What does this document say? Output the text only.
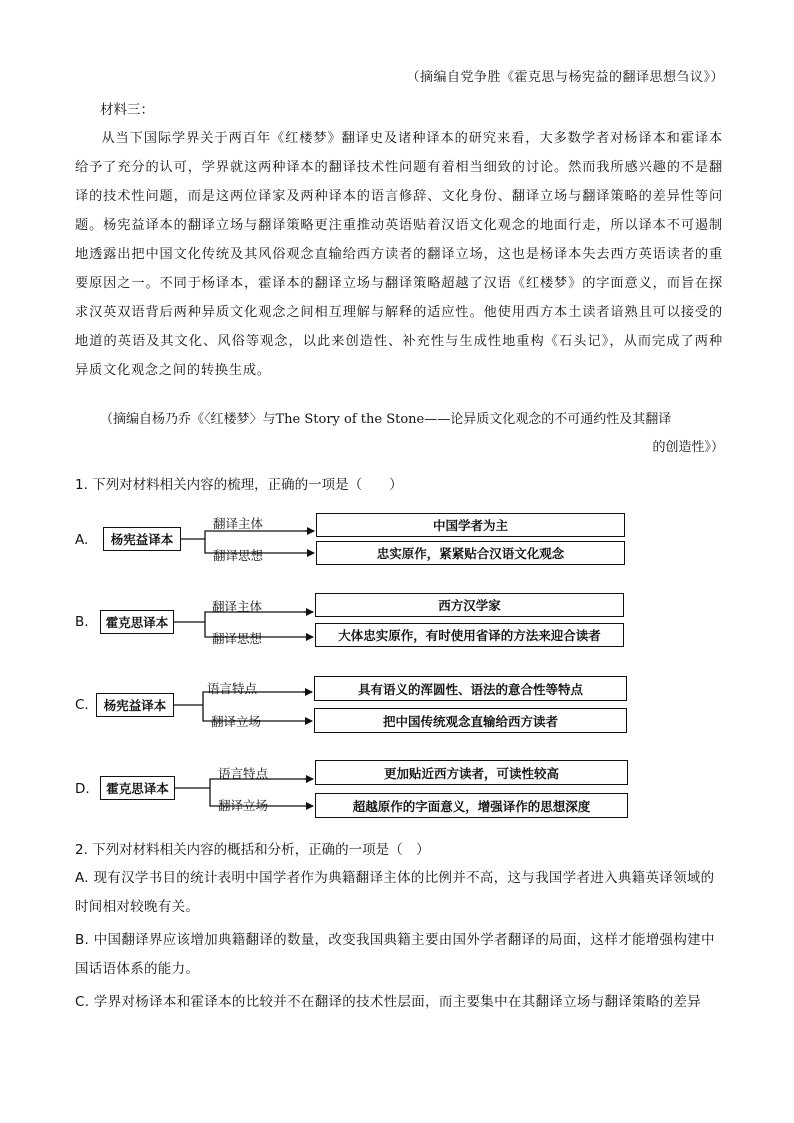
（摘编自党争胜《霍克思与杨宪益的翻译思想刍议》）
材料三：

从当下国际学界关于两百年《红楼梦》翻译史及诸种译本的研究来看，大多数学者对杨译本和霍译本给予了充分的认可，学界就这两种译本的翻译技术性问题有着相当细致的讨论。然而我所感兴趣的不是翻译的技术性问题，而是这两位译家及两种译本的语言修辞、文化身份、翻译立场与翻译策略的差异性等问题。杨宪益译本的翻译立场与翻译策略更注重推动英语贴着汉语文化观念的地面行走，所以译本不可遏制地透露出把中国文化传统及其风俗观念直输给西方读者的翻译立场，这也是杨译本失去西方英语读者的重要原因之一。不同于杨译本，霍译本的翻译立场与翻译策略超越了汉语《红楼梦》的字面意义，而旨在探求汉英双语背后两种异质文化观念之间相互理解与解释的适应性。他使用西方本土读者谙熟且可以接受的地道的英语及其文化、风俗等观念，以此来创造性、补充性与生成性地重构《石头记》，从而完成了两种异质文化观念之间的转换生成。

（摘编自杨乃乔《〈红楼梦〉与The Story of the Stone——论异质文化观念的不可通约性及其翻译
的创造性》）
1. 下列对材料相关内容的梳理，正确的一项是（　　）
A.	杨宪益译本
翻译主体
翻译思想
中国学者为主
忠实原作，紧紧贴合汉语文化观念
B.	霍克思译本
翻译主体
翻译思想
西方汉学家
大体忠实原作，有时使用省译的方法来迎合读者
C.	杨宪益译本
语言特点
翻译立场
具有语义的浑圆性、语法的意合性等特点
把中国传统观念直输给西方读者
D.	霍克思译本
语言特点
翻译立场
更加贴近西方读者，可读性较高
超越原作的字面意义，增强译作的思想深度
2. 下列对材料相关内容的概括和分析，正确的一项是（　）
A. 现有汉学书目的统计表明中国学者作为典籍翻译主体的比例并不高，这与我国学者进入典籍英译领域的时间相对较晚有关。
B. 中国翻译界应该增加典籍翻译的数量，改变我国典籍主要由国外学者翻译的局面，这样才能增强构建中国话语体系的能力。
C. 学界对杨译本和霍译本的比较并不在翻译的技术性层面，而主要集中在其翻译立场与翻译策略的差异
